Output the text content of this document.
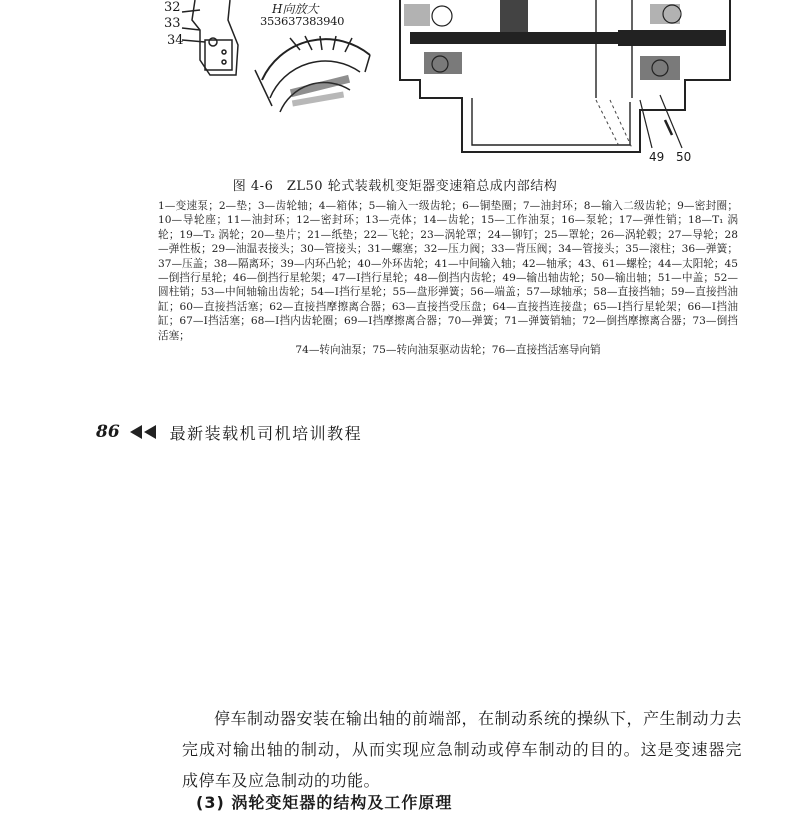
32
33
34
H向放大
353637383940
49 50
图 4-6　ZL50 轮式装载机变矩器变速箱总成内部结构
1—变速泵；2—垫；3—齿轮轴；4—箱体；5—输入一级齿轮；6—铜垫圈；7—油封环；8—输入二级齿轮；9—密封圈；10—导轮座；11—油封环；12—密封环；13—壳体；14—齿轮；15—工作油泵；16—泵轮；17—弹性销；18—T₁ 涡轮；19—T₂ 涡轮；20—垫片；21—纸垫；22—飞轮；23—涡轮罩；24—铆钉；25—罩轮；26—涡轮毂；27—导轮；28—弹性板；29—油温表接头；30—管接头；31—螺塞；32—压力阀；33—背压阀；34—管接头；35—滚柱；36—弹簧；37—压盖；38—隔离环；39—内环凸轮；40—外环齿轮；41—中间输入轴；42—轴承；43、61—螺栓；44—太阳轮；45—倒挡行星轮；46—倒挡行星轮架；47—Ⅰ挡行星轮；48—倒挡内齿轮；49—输出轴齿轮；50—输出轴；51—中盖；52—圆柱销；53—中间轴输出齿轮；54—Ⅰ挡行星轮；55—盘形弹簧；56—端盖；57—球轴承；58—直接挡轴；59—直接挡油缸；60—直接挡活塞；62—直接挡摩擦离合器；63—直接挡受压盘；64—直接挡连接盘；65—Ⅰ挡行星轮架；66—Ⅰ挡油缸；67—Ⅰ挡活塞；68—Ⅰ挡内齿轮圈；69—Ⅰ挡摩擦离合器；70—弹簧；71—弹簧销轴；72—倒挡摩擦离合器；73—倒挡活塞；
74—转向油泵；75—转向油泵驱动齿轮；76—直接挡活塞导向销
86	最新装载机司机培训教程

停车制动器安装在输出轴的前端部，在制动系统的操纵下，产生制动力去完成对输出轴的制动，从而实现应急制动或停车制动的目的。这是变速器完成停车及应急制动的功能。

(3) 涡轮变矩器的结构及工作原理
